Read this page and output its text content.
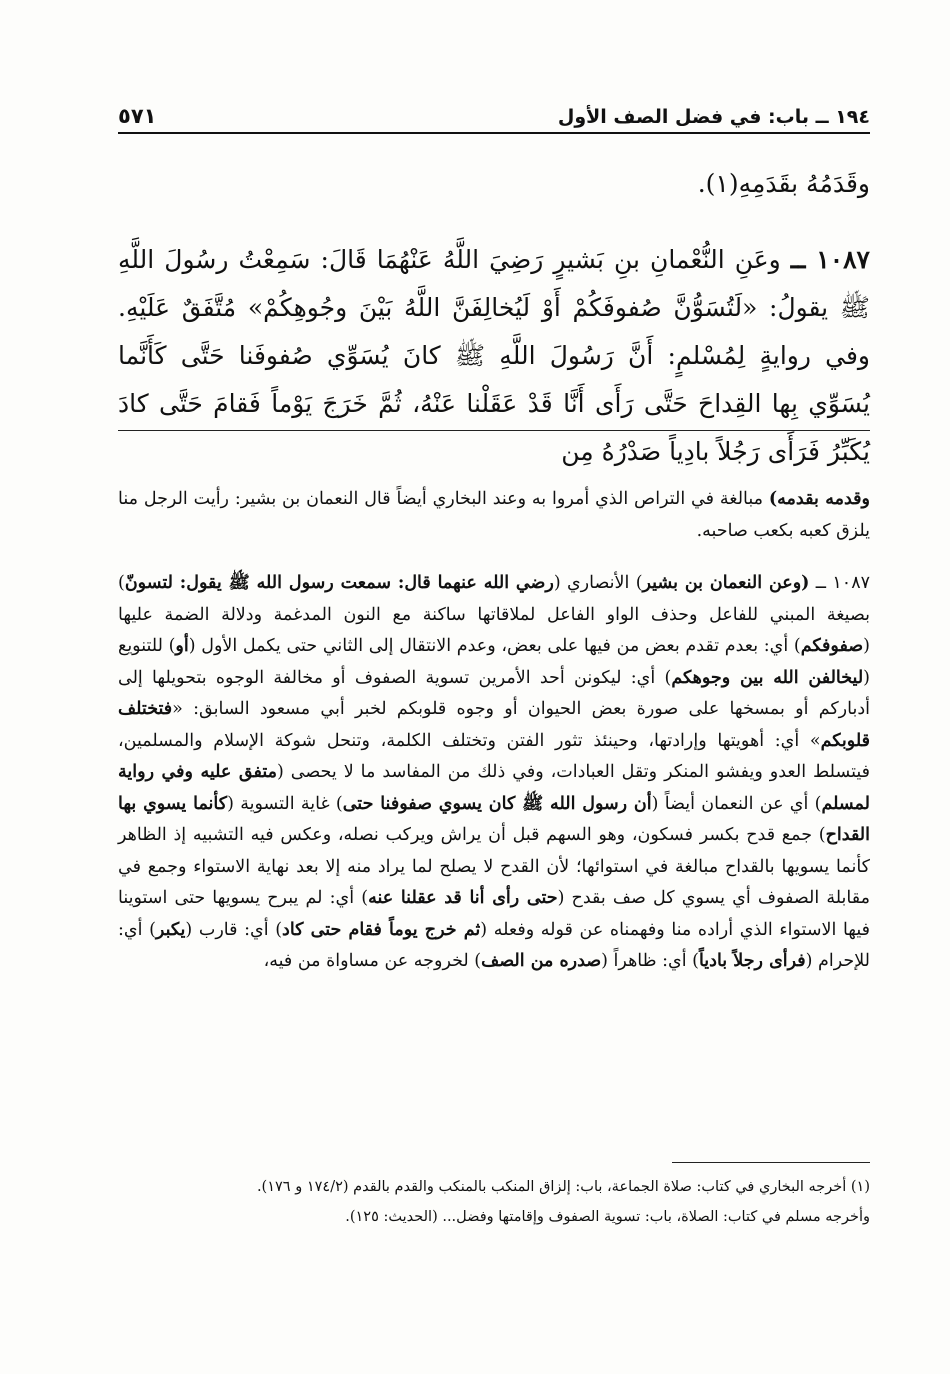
١٩٤ ــ باب: في فضل الصف الأول
٥٧١
وقَدَمُهُ بقَدَمِهِ(١).
١٠٨٧ ــ وعَنِ النُّعْمانِ بنِ بَشيرٍ رَضِيَ اللَّهُ عَنْهُمَا قَالَ: سَمِعْتُ رسُولَ اللَّهِ ﷺ يقولُ: «لَتُسَوُّنَّ صُفوفَكُمْ أَوْ لَيُخالِفَنَّ اللَّهُ بَيْنَ وجُوهِكُمْ» مُتَّفَقٌ عَلَيْهِ. وفي روايةٍ لِمُسْلمٍ: أَنَّ رَسُولَ اللَّهِ ﷺ كانَ يُسَوِّي صُفوفَنا حَتَّى كَأَنَّما يُسَوِّي بِها القِداحَ حَتَّى رَأَى أَنَّا قَدْ عَقَلْنا عَنْهُ، ثُمَّ خَرَجَ يَوْماً فَقامَ حَتَّى كادَ يُكَبِّرُ فَرَأَى رَجُلاً بادِياً صَدْرُهُ مِن

وقدمه بقدمه) مبالغة في التراص الذي أمروا به وعند البخاري أيضاً قال النعمان بن بشير: رأيت الرجل منا يلزق كعبه بكعب صاحبه.

١٠٨٧ ــ (وعن النعمان بن بشير) الأنصاري (رضي الله عنهما قال: سمعت رسول الله ﷺ يقول: لتسونّ) بصيغة المبني للفاعل وحذف الواو الفاعل لملاقاتها ساكنة مع النون المدغمة ودلالة الضمة عليها (صفوفكم) أي: بعدم تقدم بعض من فيها على بعض، وعدم الانتقال إلى الثاني حتى يكمل الأول (أو) للتنويع (ليخالفن الله بين وجوهكم) أي: ليكونن أحد الأمرين تسوية الصفوف أو مخالفة الوجوه بتحويلها إلى أدباركم أو بمسخها على صورة بعض الحيوان أو وجوه قلوبكم لخبر أبي مسعود السابق: «فتختلف قلوبكم» أي: أهويتها وإرادتها، وحينئذ تثور الفتن وتختلف الكلمة، وتنحل شوكة الإسلام والمسلمين، فيتسلط العدو ويفشو المنكر وتقل العبادات، وفي ذلك من المفاسد ما لا يحصى (متفق عليه وفي رواية لمسلم) أي عن النعمان أيضاً (أن رسول الله ﷺ كان يسوي صفوفنا حتى) غاية التسوية (كأنما يسوي بها القداح) جمع قدح بكسر فسكون، وهو السهم قبل أن يراش ويركب نصله، وعكس فيه التشبيه إذ الظاهر كأنما يسويها بالقداح مبالغة في استوائها؛ لأن القدح لا يصلح لما يراد منه إلا بعد نهاية الاستواء وجمع في مقابلة الصفوف أي يسوي كل صف بقدح (حتى رأى أنا قد عقلنا عنه) أي: لم يبرح يسويها حتى استوينا فيها الاستواء الذي أراده منا وفهمناه عن قوله وفعله (ثم خرج يوماً فقام حتى كاد) أي: قارب (يكبر) أي: للإحرام (فرأى رجلاً بادياً) أي: ظاهراً (صدره من الصف) لخروجه عن مساواة من فيه،

(١) أخرجه البخاري في كتاب: صلاة الجماعة، باب: إلزاق المنكب بالمنكب والقدم بالقدم (١٧٤/٢ و ١٧٦).

وأخرجه مسلم في كتاب: الصلاة، باب: تسوية الصفوف وإقامتها وفضل... (الحديث: ١٢٥).
